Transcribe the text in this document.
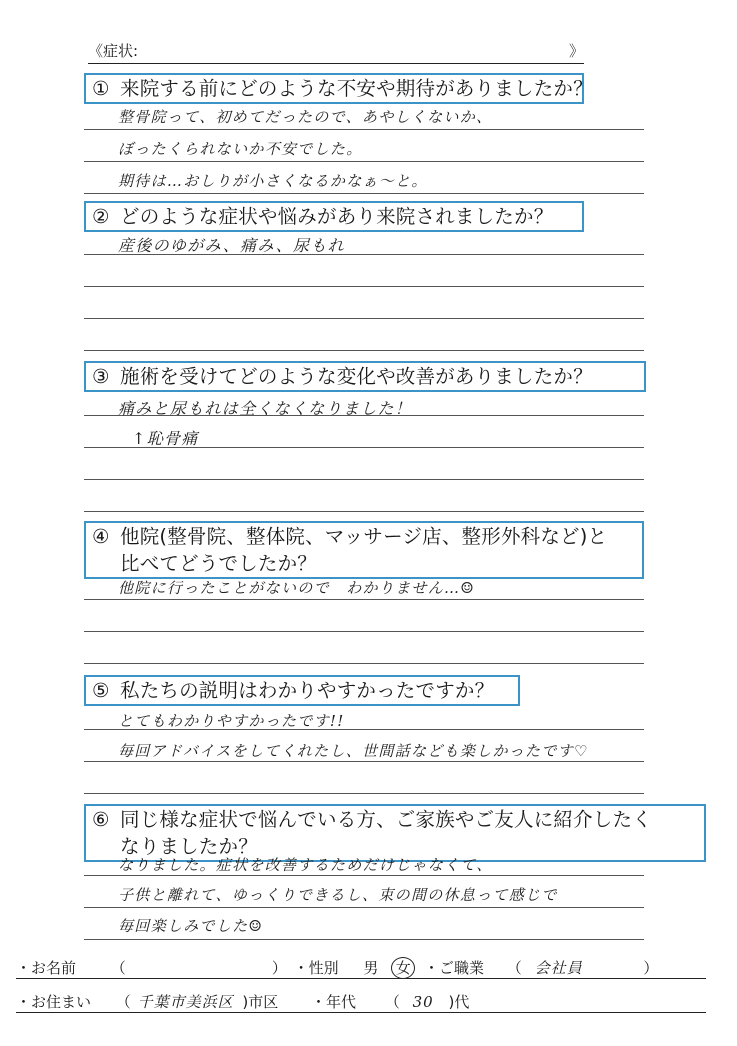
《症状:	》
① 来院する前にどのような不安や期待がありましたか？
整骨院って、初めてだったので、あやしくないか、
ぼったくられないか不安でした。
期待は…おしりが小さくなるかなぁ～と。
② どのような症状や悩みがあり来院されましたか？
産後のゆがみ、痛み、尿もれ
③ 施術を受けてどのような変化や改善がありましたか？
痛みと尿もれは全くなくなりました！
↑恥骨痛
④ 他院(整骨院、整体院、マッサージ店、整形外科など)と
比べてどうでしたか？
他院に行ったことがないので　わかりません…☺
⑤ 私たちの説明はわかりやすかったですか？
とてもわかりやすかったです!!
毎回アドバイスをしてくれたし、世間話なども楽しかったです♡
⑥ 同じ様な症状で悩んでいる方、ご家族やご友人に紹介したく
なりましたか？
なりました。症状を改善するためだけじゃなくて、
子供と離れて、ゆっくりできるし、束の間の休息って感じで
毎回楽しみでした☺
・お名前 （	） ・性別 男 女 ・ご職業 （ 会社員	）
・お住まい （ 千葉市美浜区 )市区 ・年代 （ 30 )代
